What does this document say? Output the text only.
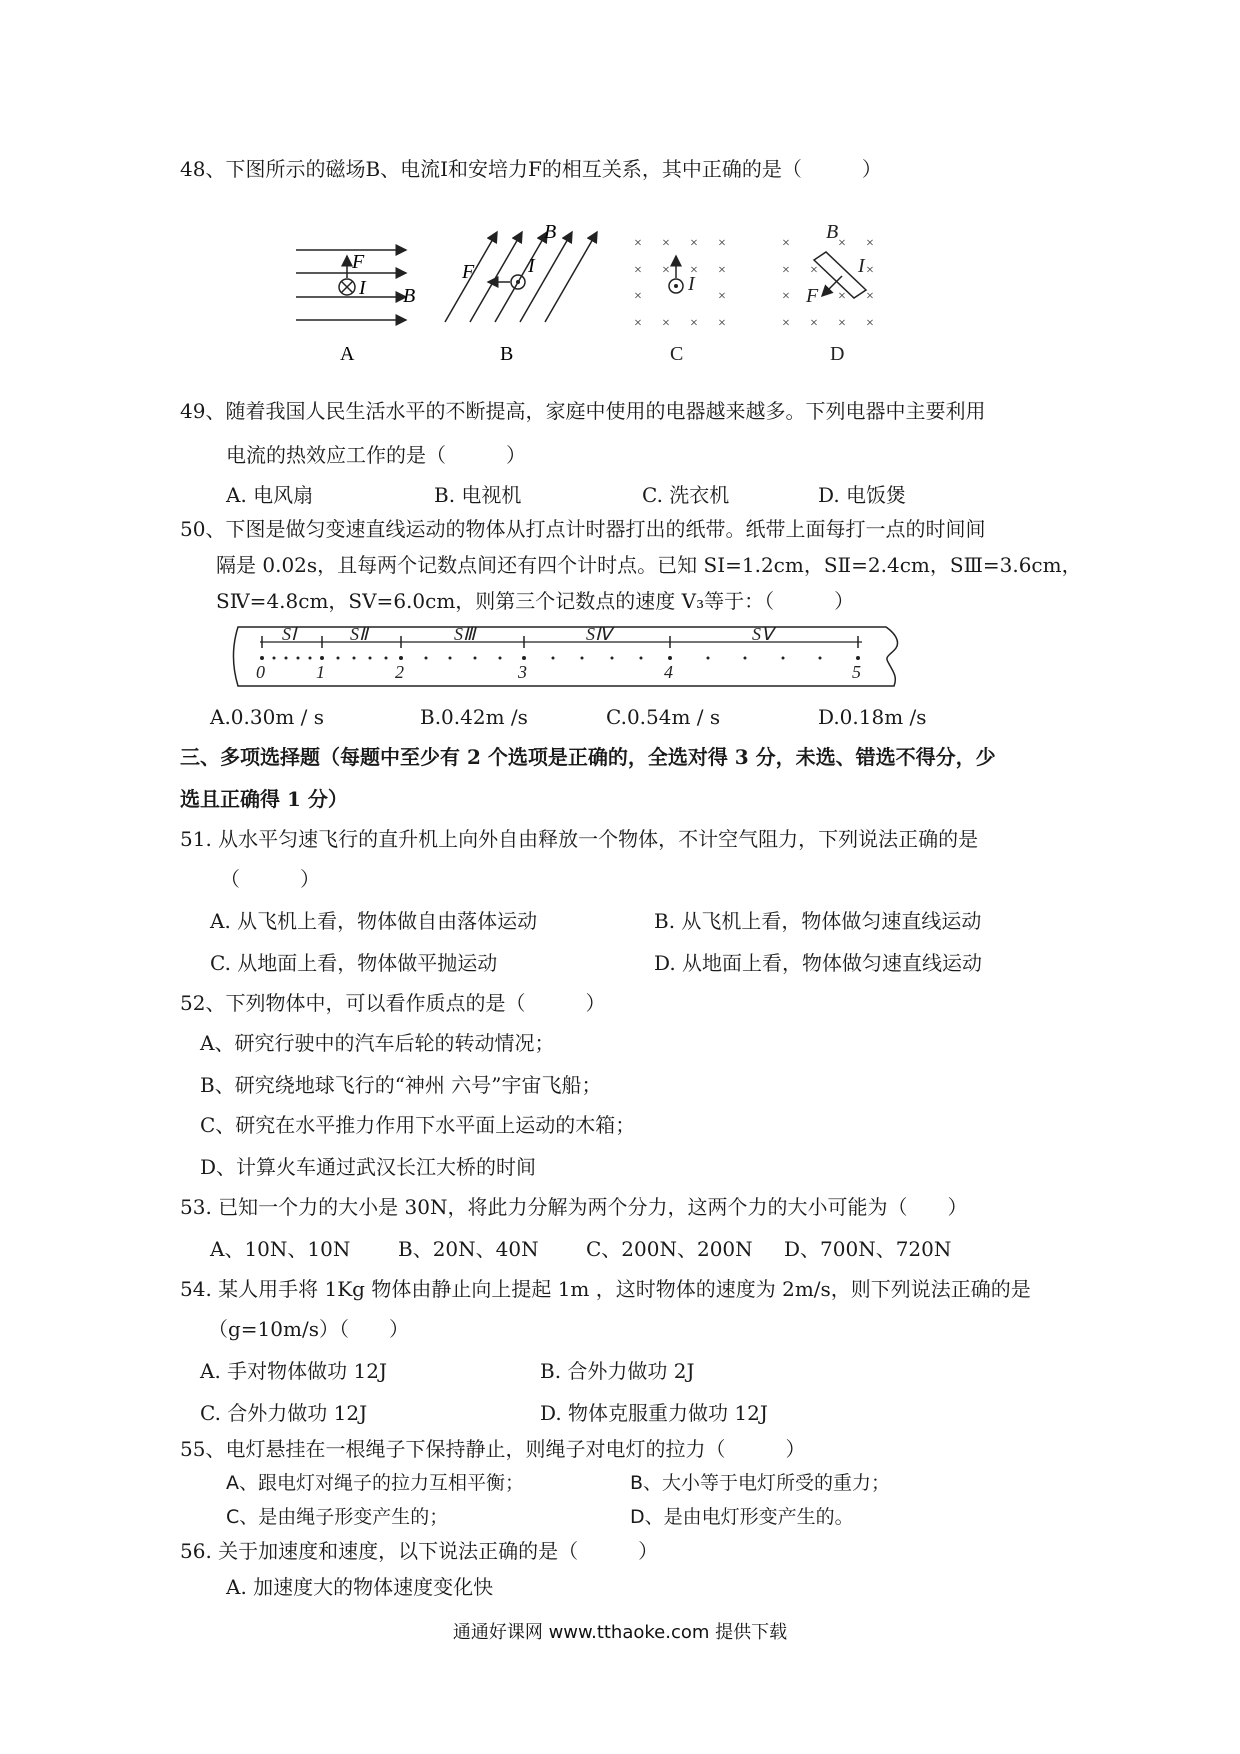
48、下图所示的磁场B、电流I和安培力F的相互关系，其中正确的是（　　　）
F
I B
A
F	I
B
B
× × × ×
× × × ×
×	×
× × × ×
I
C
×	× ×
× ×	×
×	× ×
× × × ×
B
I
F
D
49、随着我国人民生活水平的不断提高，家庭中使用的电器越来越多。下列电器中主要利用
电流的热效应工作的是（　　　）
A. 电风扇	B. 电视机	C. 洗衣机	D. 电饭煲
50、下图是做匀变速直线运动的物体从打点计时器打出的纸带。纸带上面每打一点的时间间
隔是 0.02s，且每两个记数点间还有四个计时点。已知 SⅠ=1.2cm，SⅡ=2.4cm，SⅢ=3.6cm，
SⅣ=4.8cm，SⅤ=6.0cm，则第三个记数点的速度 V₃等于：（　　　）
SⅠ	SⅡ	SⅢ	SⅣ	SⅤ
0	1	2	3	4	5
A.0.30m / s	B.0.42m /s	C.0.54m / s	D.0.18m /s
三、多项选择题（每题中至少有 2 个选项是正确的，全选对得 3 分，未选、错选不得分，少
选且正确得 1 分）
51. 从水平匀速飞行的直升机上向外自由释放一个物体，不计空气阻力，下列说法正确的是
（　　　）
A. 从飞机上看，物体做自由落体运动	B. 从飞机上看，物体做匀速直线运动
C. 从地面上看，物体做平抛运动	D. 从地面上看，物体做匀速直线运动
52、下列物体中，可以看作质点的是（　　　）
A、研究行驶中的汽车后轮的转动情况；
B、研究绕地球飞行的“神州 六号”宇宙飞船；
C、研究在水平推力作用下水平面上运动的木箱；
D、计算火车通过武汉长江大桥的时间
53. 已知一个力的大小是 30N，将此力分解为两个分力，这两个力的大小可能为（　　）
A、10N、10N B、20N、40N C、200N、200N D、700N、720N
54. 某人用手将 1Kg 物体由静止向上提起 1m ，这时物体的速度为 2m/s，则下列说法正确的是
（g=10m/s）（　　）
A. 手对物体做功 12J	B. 合外力做功 2J
C. 合外力做功 12J	D. 物体克服重力做功 12J
55、电灯悬挂在一根绳子下保持静止，则绳子对电灯的拉力（　　　）
A、跟电灯对绳子的拉力互相平衡；	B、大小等于电灯所受的重力；
C、是由绳子形变产生的；	D、是由电灯形变产生的。
56. 关于加速度和速度，以下说法正确的是（　　　）
A. 加速度大的物体速度变化快
通通好课网 www.tthaoke.com 提供下载
